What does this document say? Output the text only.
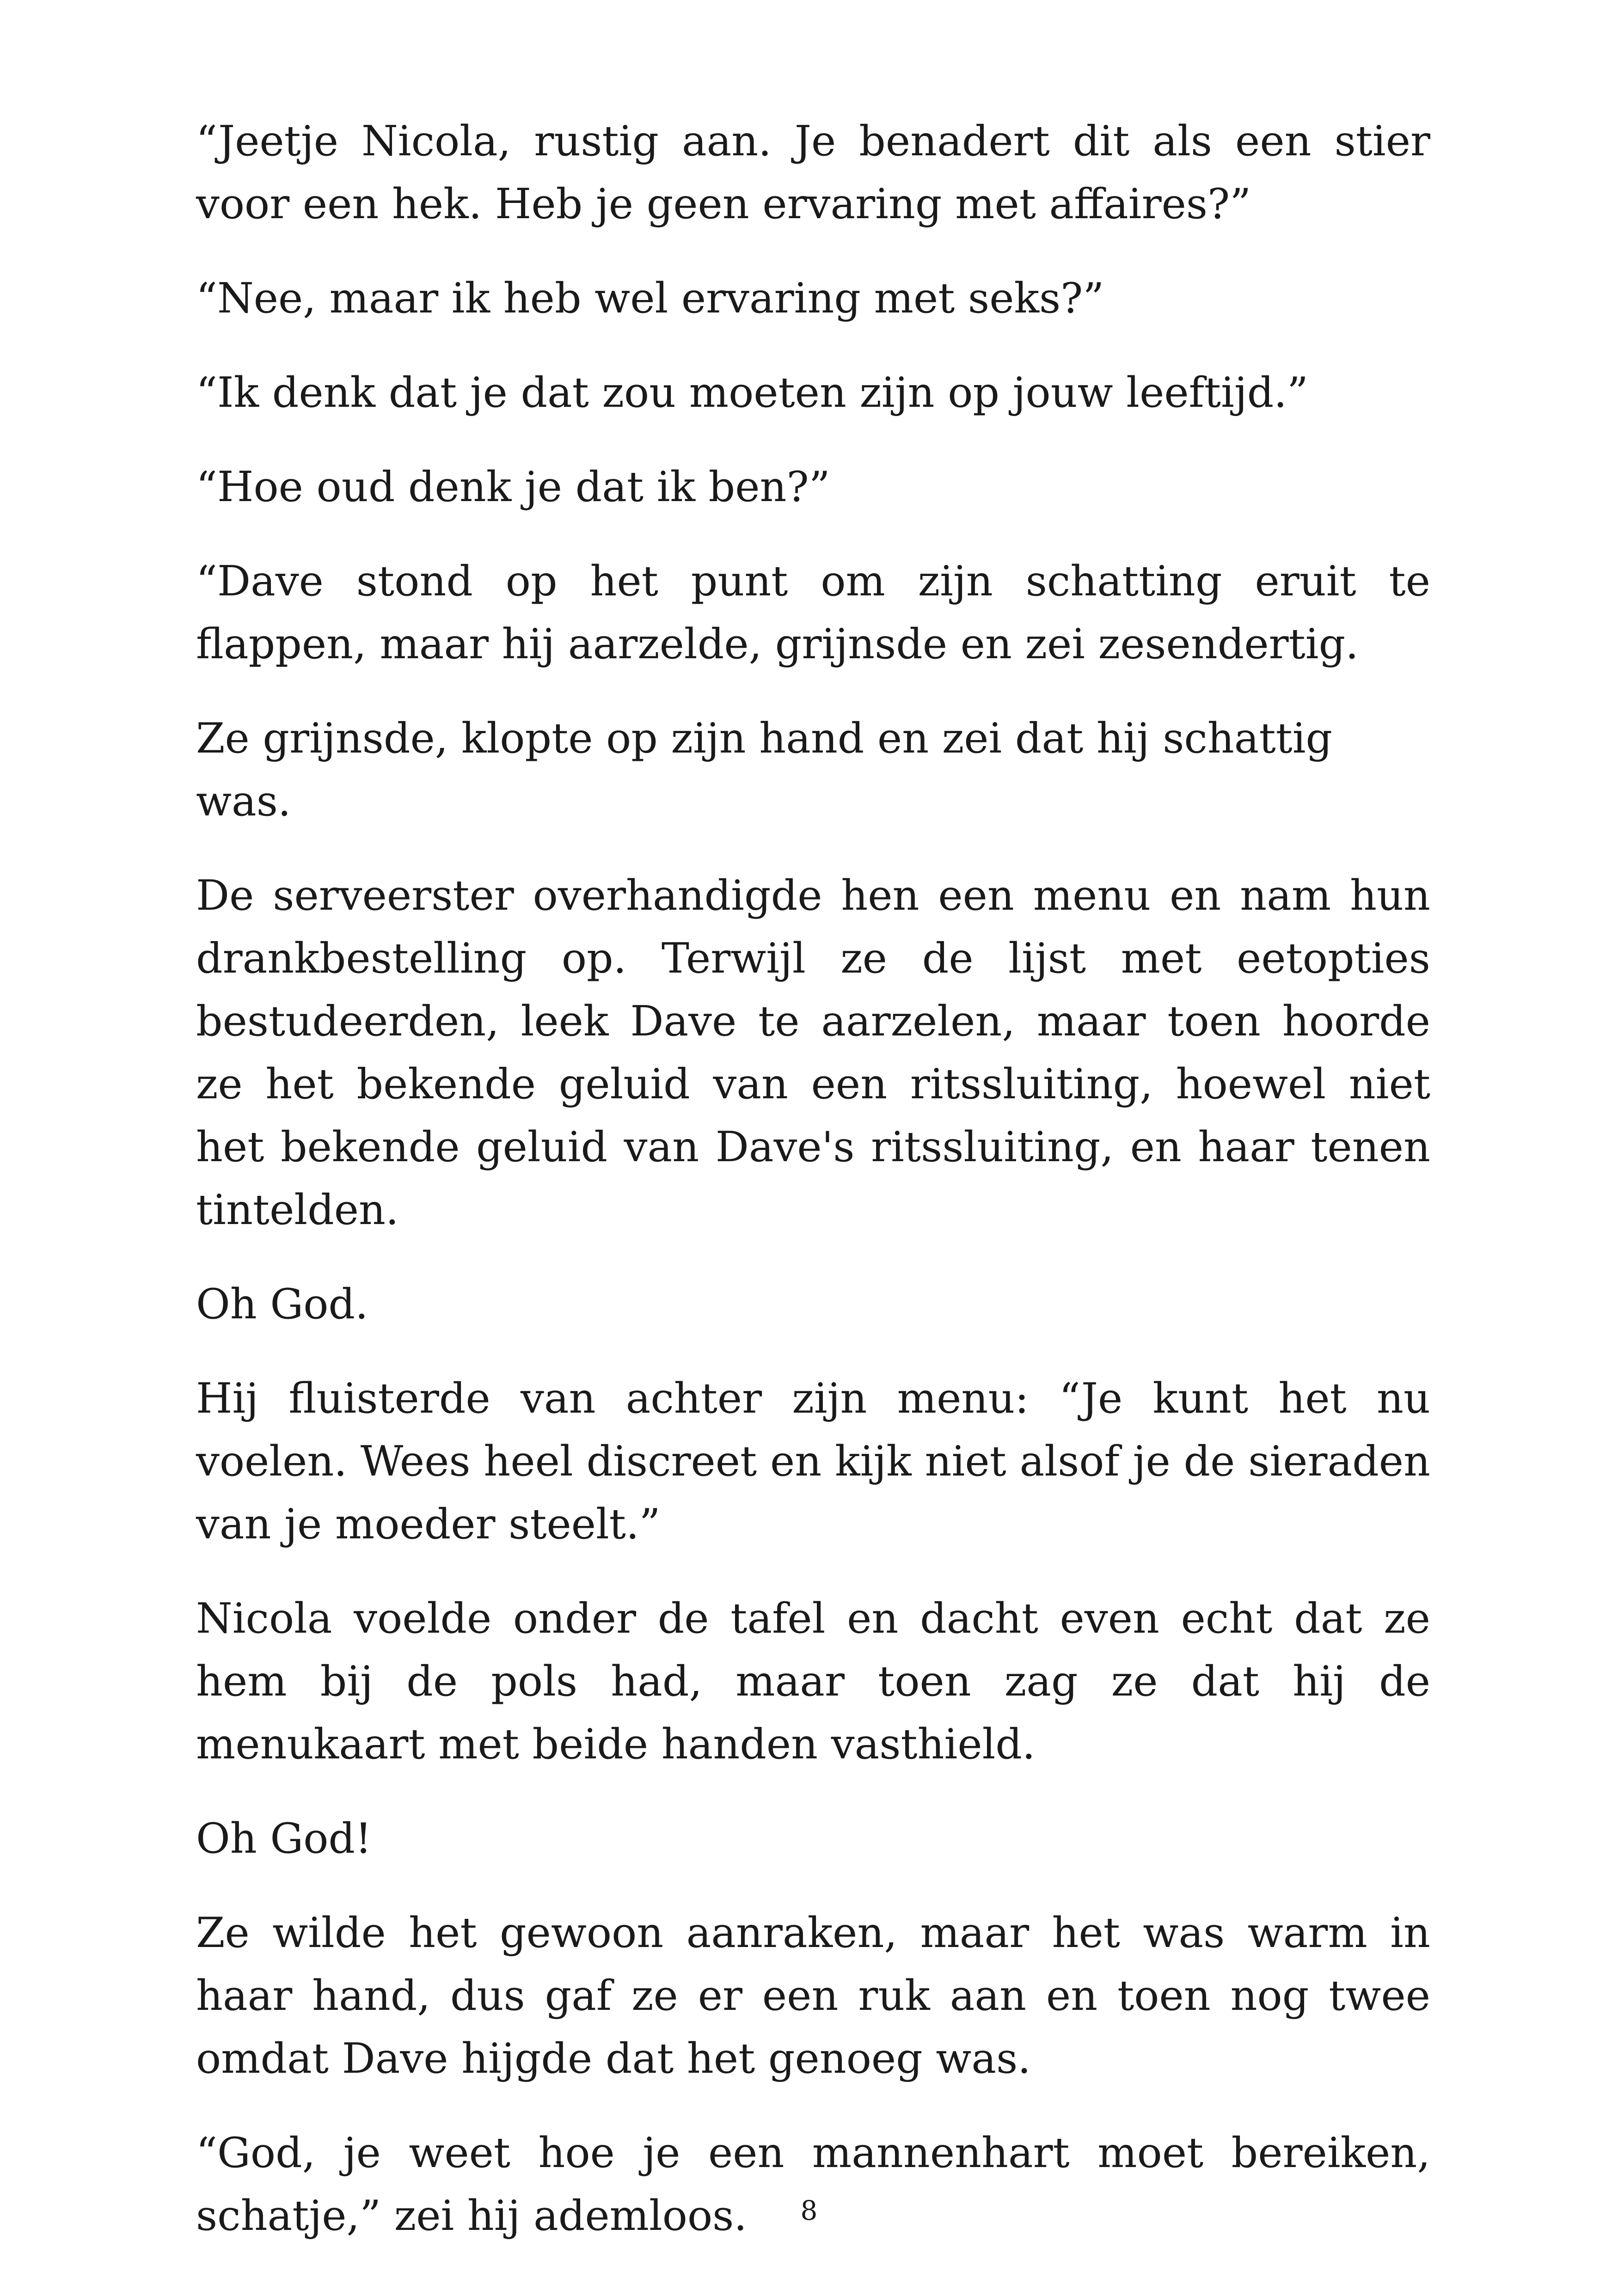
“Jeetje Nicola, rustig aan. Je benadert dit als een stier voor een hek. Heb je geen ervaring met affaires?”

“Nee, maar ik heb wel ervaring met seks?”

“Ik denk dat je dat zou moeten zijn op jouw leeftijd.”

“Hoe oud denk je dat ik ben?”

“Dave stond op het punt om zijn schatting eruit te flappen, maar hij aarzelde, grijnsde en zei zesendertig.

Ze grijnsde, klopte op zijn hand en zei dat hij schattig was.

De serveerster overhandigde hen een menu en nam hun drankbestelling op. Terwijl ze de lijst met eetopties bestudeerden, leek Dave te aarzelen, maar toen hoorde ze het bekende geluid van een ritssluiting, hoewel niet het bekende geluid van Dave's ritssluiting, en haar tenen tintelden.

Oh God.

Hij fluisterde van achter zijn menu: “Je kunt het nu voelen. Wees heel discreet en kijk niet alsof je de sieraden van je moeder steelt.”

Nicola voelde onder de tafel en dacht even echt dat ze hem bij de pols had, maar toen zag ze dat hij de menukaart met beide handen vasthield.

Oh God!

Ze wilde het gewoon aanraken, maar het was warm in haar hand, dus gaf ze er een ruk aan en toen nog twee omdat Dave hijgde dat het genoeg was.

“God, je weet hoe je een mannenhart moet bereiken, schatje,” zei hij ademloos.	8
